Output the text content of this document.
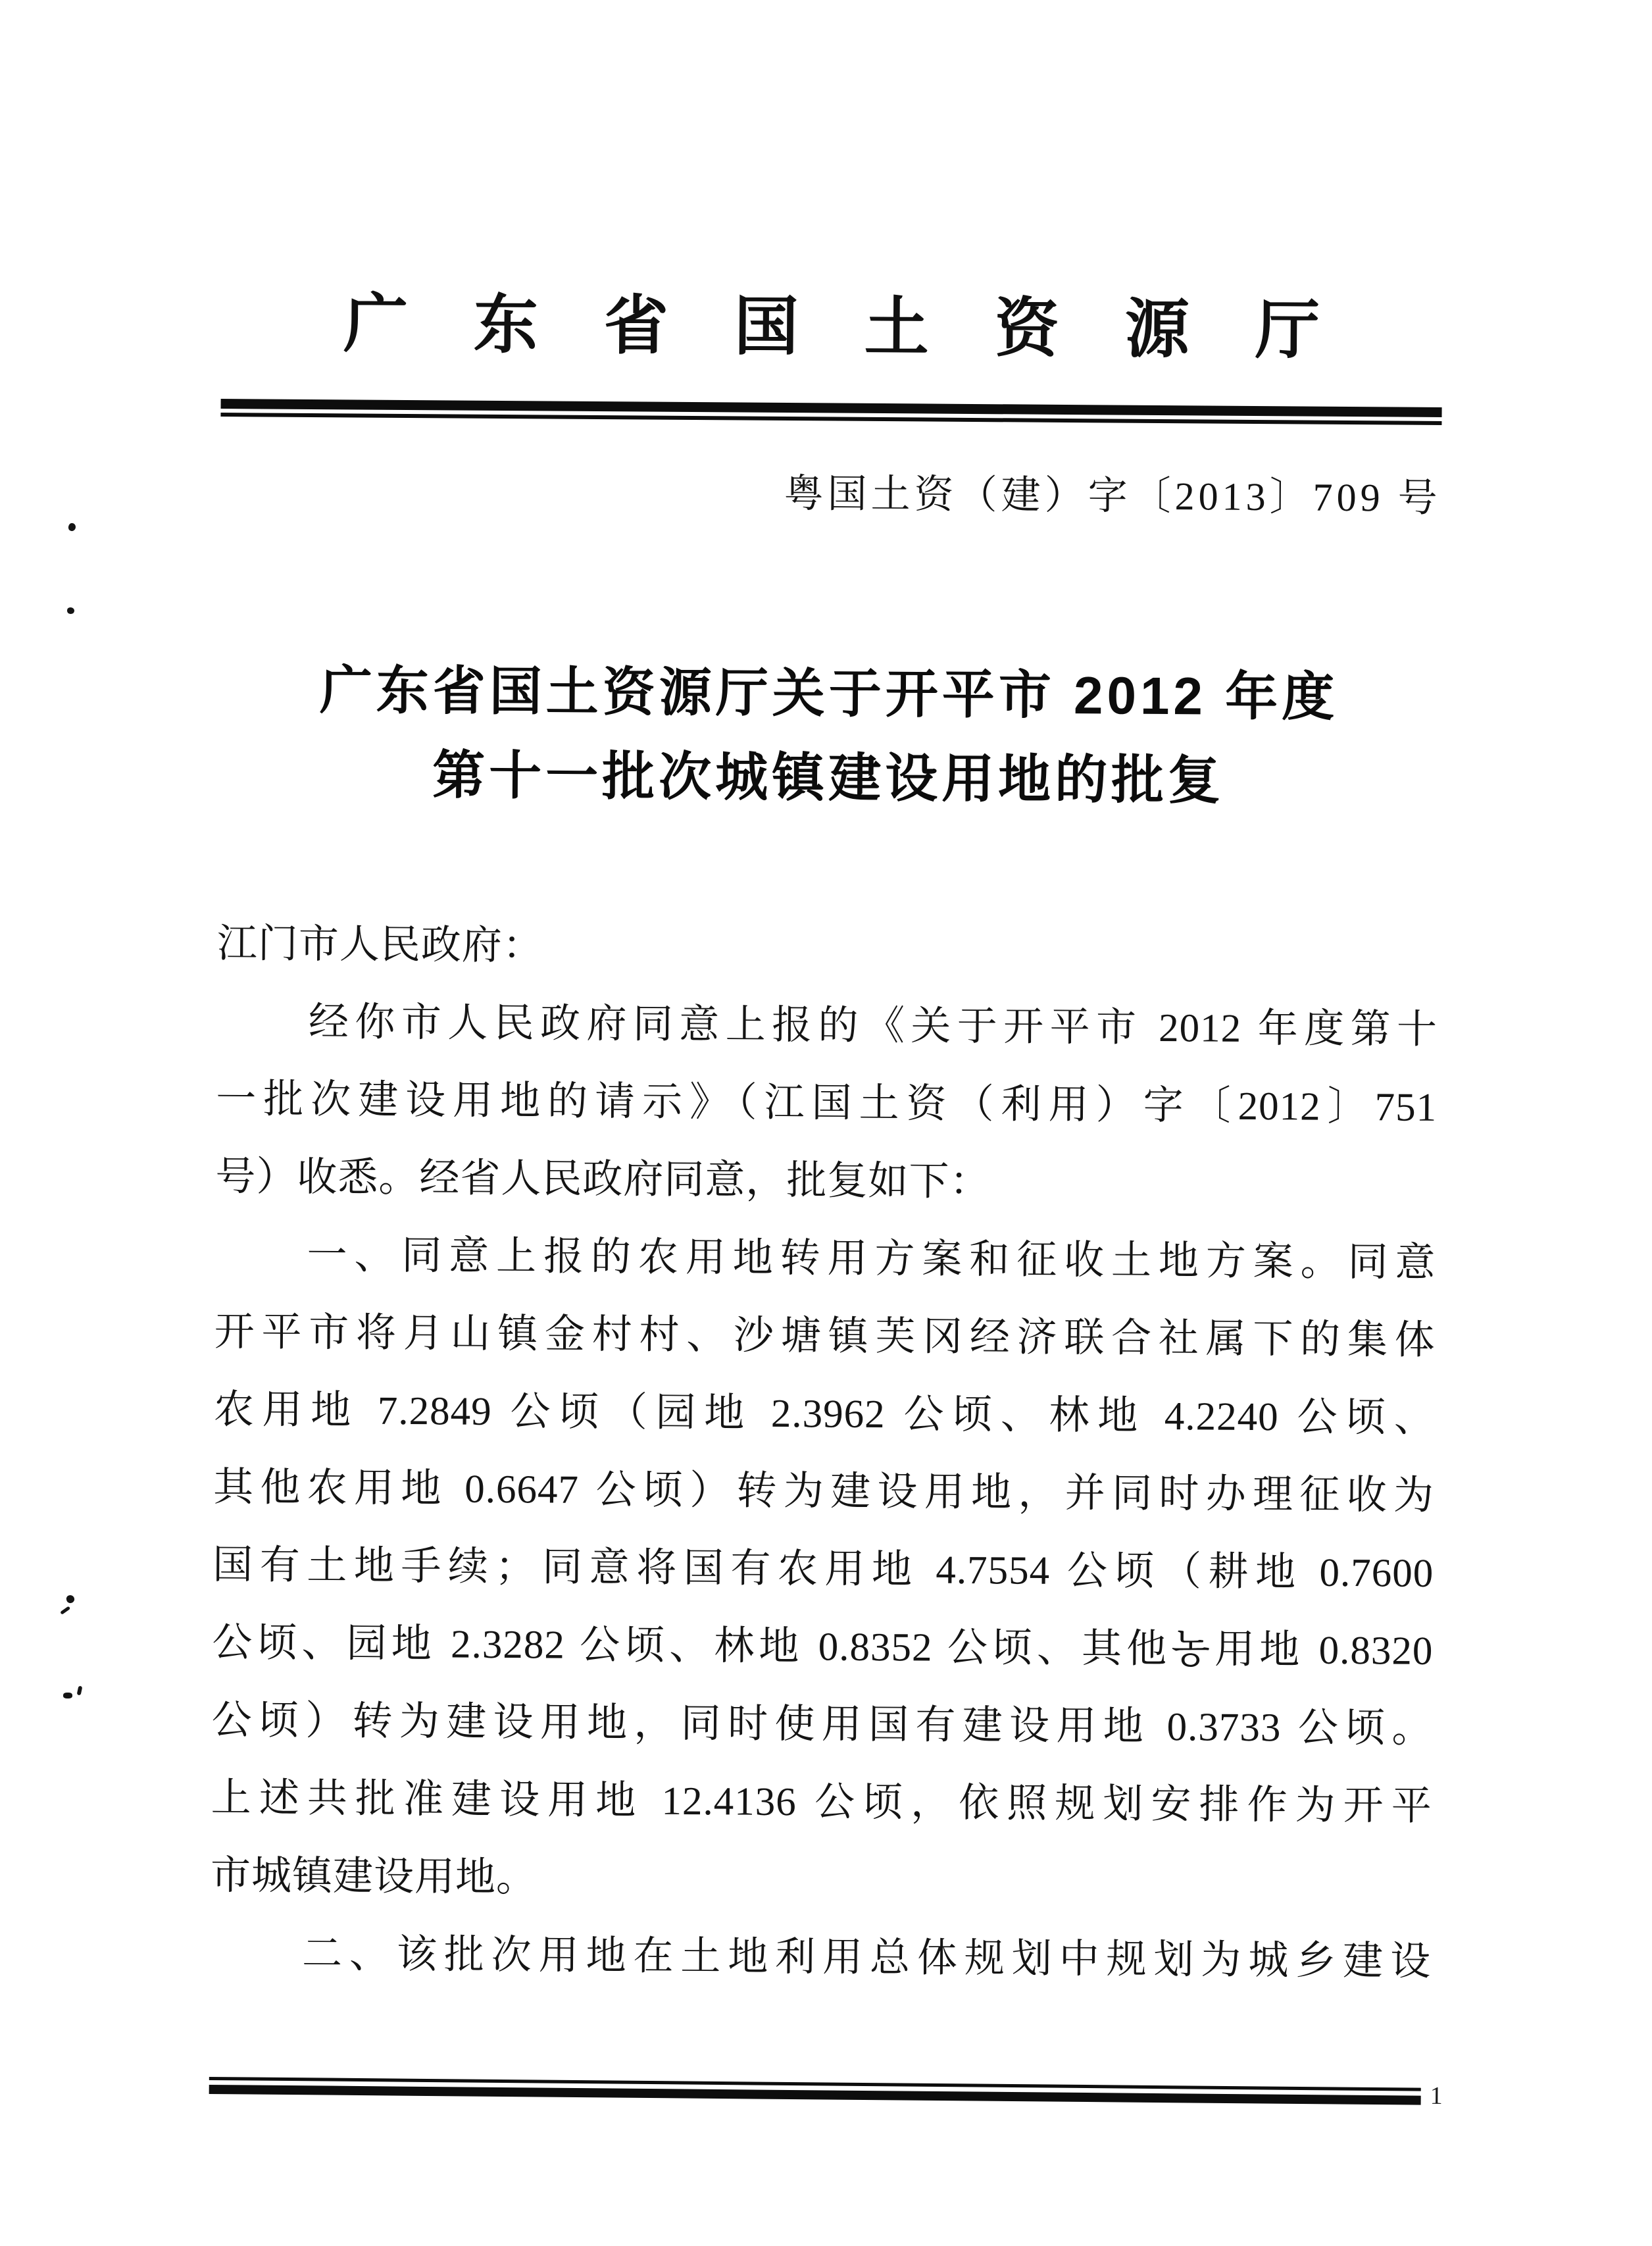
广东省国土资源厅
粤国土资（建）字〔2013〕709 号
广东省国土资源厅关于开平市 2012 年度
第十一批次城镇建设用地的批复
江门市人民政府：
经你市人民政府同意上报的《关于开平市 2012 年度第十
一批次建设用地的请示》（江国土资（利用）字〔2012〕751
号）收悉。经省人民政府同意，批复如下：
一、同意上报的农用地转用方案和征收土地方案。同意
开平市将月山镇金村村、沙塘镇芙冈经济联合社属下的集体
农用地 7.2849 公顷（园地 2.3962 公顷、林地 4.2240 公顷、
其他农用地 0.6647 公顷）转为建设用地，并同时办理征收为
国有土地手续；同意将国有农用地 4.7554 公顷（耕地 0.7600
公顷、园地 2.3282 公顷、林地 0.8352 公顷、其他농用地 0.8320
公顷）转为建设用地，同时使用国有建设用地 0.3733 公顷。
上述共批准建设用地 12.4136 公顷，依照规划安排作为开平
市城镇建设用地。
二、该批次用地在土地利用总体规划中规划为城乡建设
1
